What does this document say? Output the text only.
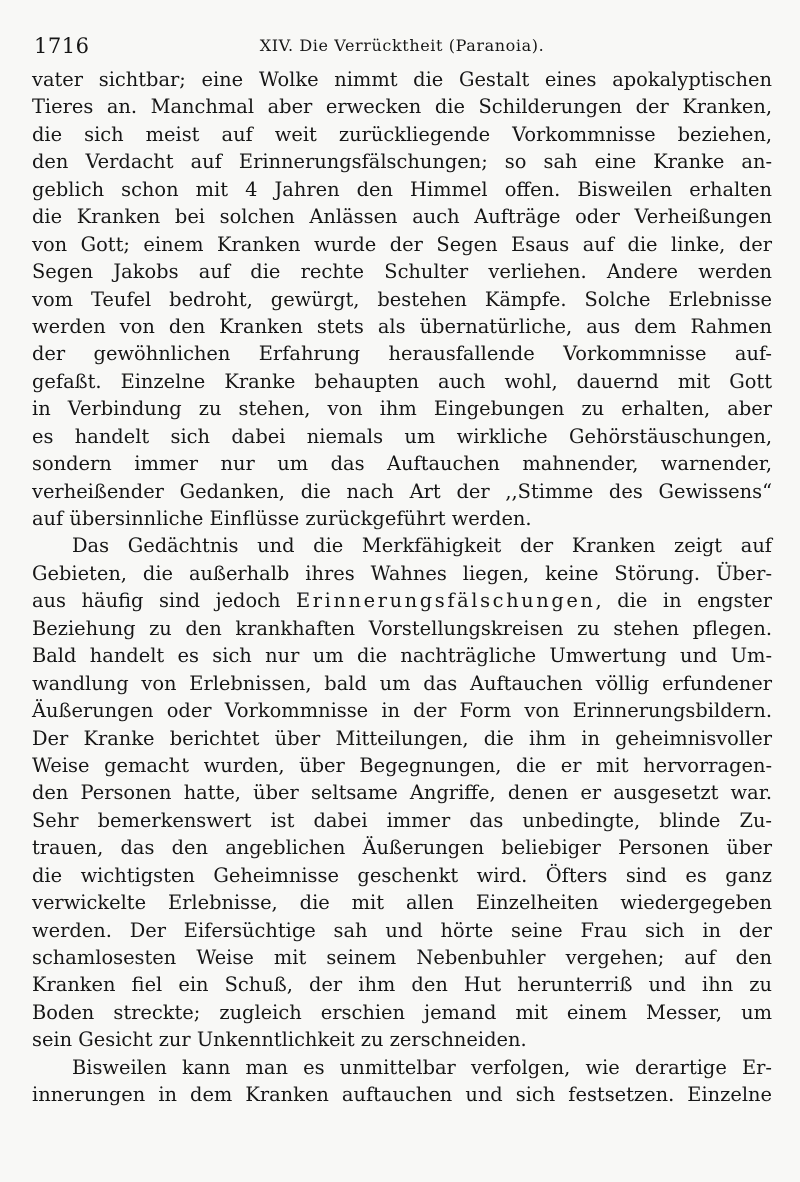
1716	XIV. Die Verrücktheit (Paranoia).
vater sichtbar; eine Wolke nimmt die Gestalt eines apokalyptischen
Tieres an. Manchmal aber erwecken die Schilderungen der Kranken,
die sich meist auf weit zurückliegende Vorkommnisse beziehen,
den Verdacht auf Erinnerungsfälschungen; so sah eine Kranke an-
geblich schon mit 4 Jahren den Himmel offen. Bisweilen erhalten
die Kranken bei solchen Anlässen auch Aufträge oder Verheißungen
von Gott; einem Kranken wurde der Segen Esaus auf die linke, der
Segen Jakobs auf die rechte Schulter verliehen. Andere werden
vom Teufel bedroht, gewürgt, bestehen Kämpfe. Solche Erlebnisse
werden von den Kranken stets als übernatürliche, aus dem Rahmen
der gewöhnlichen Erfahrung herausfallende Vorkommnisse auf-
gefaßt. Einzelne Kranke behaupten auch wohl, dauernd mit Gott
in Verbindung zu stehen, von ihm Eingebungen zu erhalten, aber
es handelt sich dabei niemals um wirkliche Gehörstäuschungen,
sondern immer nur um das Auftauchen mahnender, warnender,
verheißender Gedanken, die nach Art der ,,Stimme des Gewissens“
auf übersinnliche Einflüsse zurückgeführt werden.
Das Gedächtnis und die Merkfähigkeit der Kranken zeigt auf
Gebieten, die außerhalb ihres Wahnes liegen, keine Störung. Über-
aus häufig sind jedoch Erinnerungsfälschungen, die in engster
Beziehung zu den krankhaften Vorstellungskreisen zu stehen pflegen.
Bald handelt es sich nur um die nachträgliche Umwertung und Um-
wandlung von Erlebnissen, bald um das Auftauchen völlig erfundener
Äußerungen oder Vorkommnisse in der Form von Erinnerungsbildern.
Der Kranke berichtet über Mitteilungen, die ihm in geheimnisvoller
Weise gemacht wurden, über Begegnungen, die er mit hervorragen-
den Personen hatte, über seltsame Angriffe, denen er ausgesetzt war.
Sehr bemerkenswert ist dabei immer das unbedingte, blinde Zu-
trauen, das den angeblichen Äußerungen beliebiger Personen über
die wichtigsten Geheimnisse geschenkt wird. Öfters sind es ganz
verwickelte Erlebnisse, die mit allen Einzelheiten wiedergegeben
werden. Der Eifersüchtige sah und hörte seine Frau sich in der
schamlosesten Weise mit seinem Nebenbuhler vergehen; auf den
Kranken fiel ein Schuß, der ihm den Hut herunterriß und ihn zu
Boden streckte; zugleich erschien jemand mit einem Messer, um
sein Gesicht zur Unkenntlichkeit zu zerschneiden.
Bisweilen kann man es unmittelbar verfolgen, wie derartige Er-
innerungen in dem Kranken auftauchen und sich festsetzen. Einzelne
